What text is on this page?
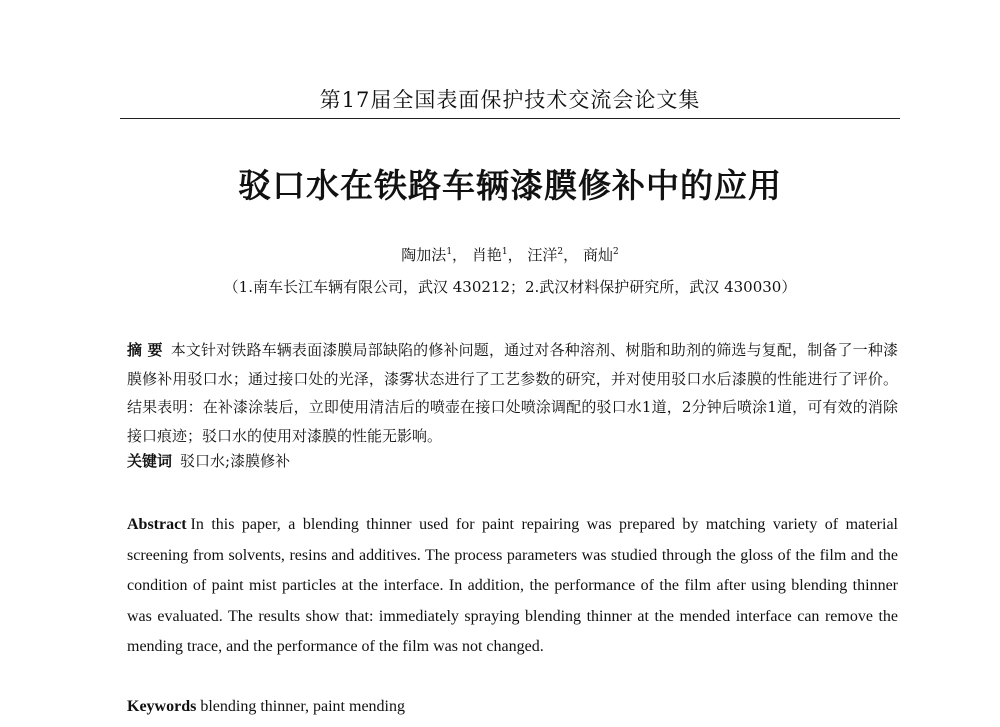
第17届全国表面保护技术交流会论文集
驳口水在铁路车辆漆膜修补中的应用
陶加法$^1$， 肖艳$^1$， 汪洋$^2$， 商灿$^2$
（1.南车长江车辆有限公司，武汉 430212；2.武汉材料保护研究所，武汉 430030）
摘 要 本文针对铁路车辆表面漆膜局部缺陷的修补问题，通过对各种溶剂、树脂和助剂的筛选与复配，制备了一种漆膜修补用驳口水；通过接口处的光泽，漆雾状态进行了工艺参数的研究，并对使用驳口水后漆膜的性能进行了评价。结果表明：在补漆涂装后，立即使用清洁后的喷壶在接口处喷涂调配的驳口水1道，2分钟后喷涂1道，可有效的消除接口痕迹；驳口水的使用对漆膜的性能无影响。
关键词 驳口水;漆膜修补
Abstract In this paper, a blending thinner used for paint repairing was prepared by matching variety of material screening from solvents, resins and additives. The process parameters was studied through the gloss of the film and the condition of paint mist particles at the interface. In addition, the performance of the film after using blending thinner was evaluated. The results show that: immediately spraying blending thinner at the mended interface can remove the mending trace, and the performance of the film was not changed.
Keywords blending thinner, paint mending
